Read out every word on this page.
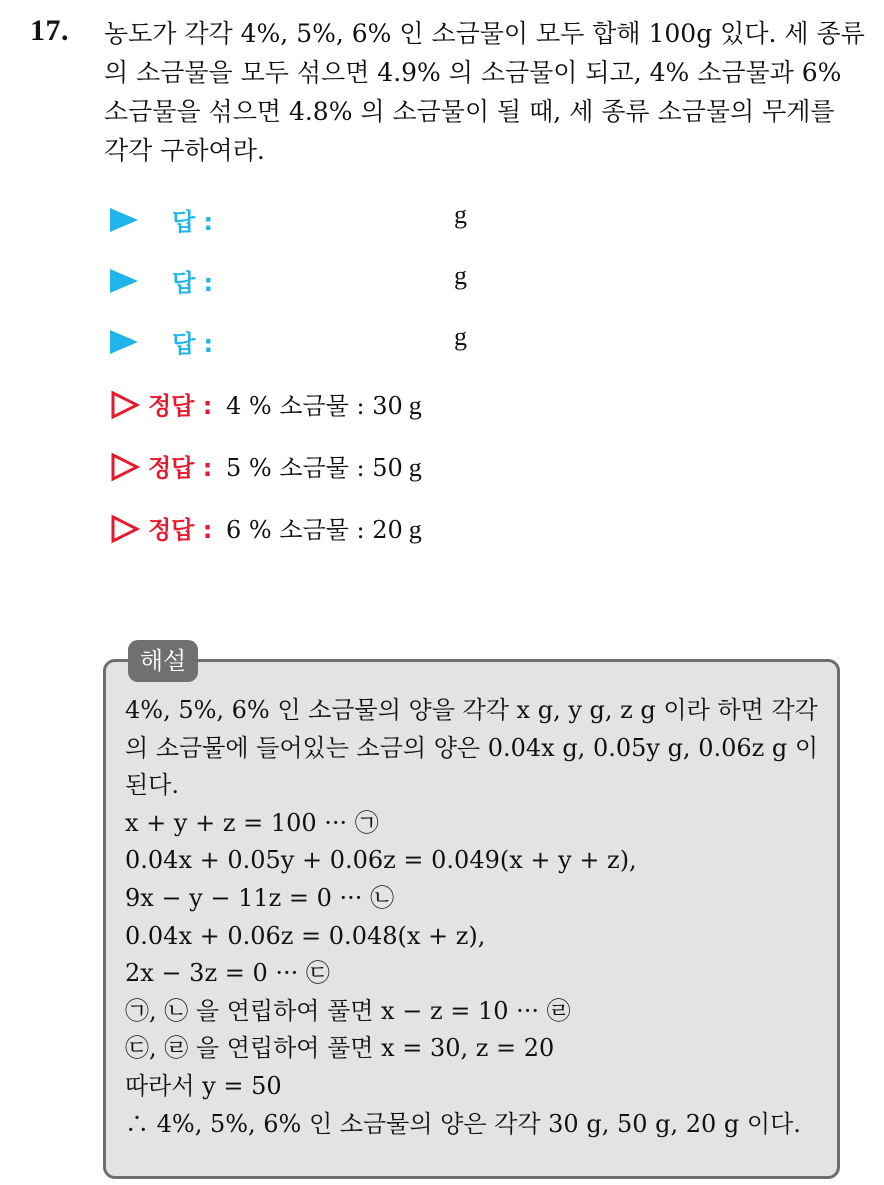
17. 농도가 각각 4%, 5%, 6% 인 소금물이 모두 합해 100g 있다. 세 종류
의 소금물을 모두 섞으면 4.9% 의 소금물이 되고, 4% 소금물과 6%
소금물을 섞으면 4.8% 의 소금물이 될 때, 세 종류 소금물의 무게를
각각 구하여라.

답 :	g
답 :	g
답 :	g
정답 : 4 % 소금물 : 30 g
정답 : 5 % 소금물 : 50 g
정답 : 6 % 소금물 : 20 g
해설
4%, 5%, 6% 인 소금물의 양을 각각 x g, y g, z g 이라 하면 각각
의 소금물에 들어있는 소금의 양은 0.04x g, 0.05y g, 0.06z g 이
된다.
x + y + z = 100 ··· ㉠
0.04x + 0.05y + 0.06z = 0.049(x + y + z),
9x − y − 11z = 0 ··· ㉡
0.04x + 0.06z = 0.048(x + z),
2x − 3z = 0 ··· ㉢
㉠, ㉡ 을 연립하여 풀면 x − z = 10 ··· ㉣
㉢, ㉣ 을 연립하여 풀면 x = 30, z = 20
따라서 y = 50
∴ 4%, 5%, 6% 인 소금물의 양은 각각 30 g, 50 g, 20 g 이다.
